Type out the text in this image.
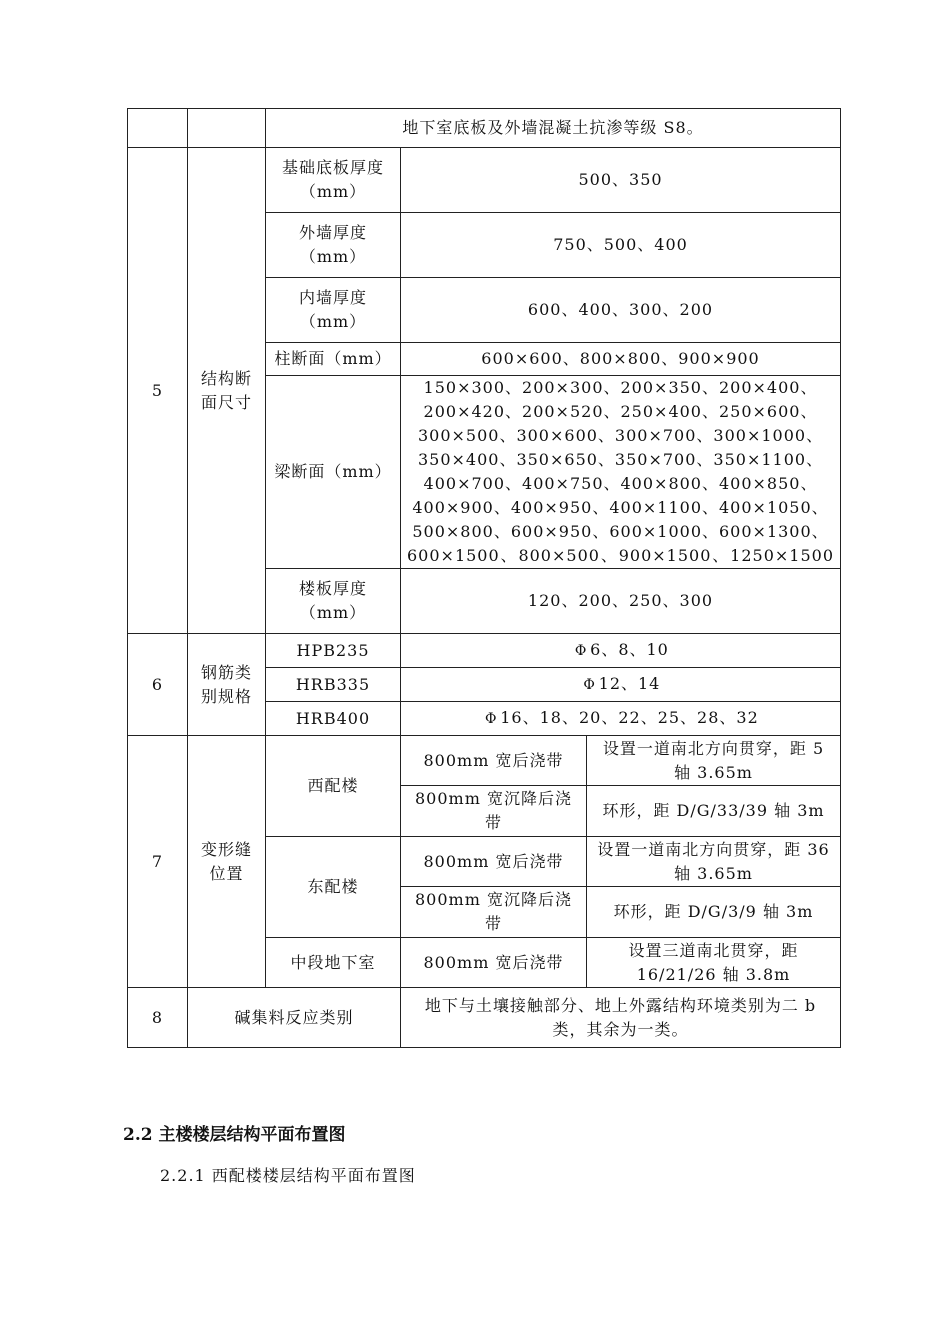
		地下室底板及外墙混凝土抗渗等级 S8。		
5	结构断面尺寸	基础底板厚度（mm）	500、350	
		外墙厚度（mm）	750、500、400	
		内墙厚度（mm）	600、400、300、200	
		柱断面（mm）	600×600、800×800、900×900	
		梁断面（mm）	150×300、200×300、200×350、200×400、200×420、200×520、250×400、250×600、300×500、300×600、300×700、300×1000、350×400、350×650、350×700、350×1100、400×700、400×750、400×800、400×850、400×900、400×950、400×1100、400×1050、500×800、600×950、600×1000、600×1300、600×1500、800×500、900×1500、1250×1500	
		楼板厚度（mm）	120、200、250、300	
6	钢筋类别规格	HPB235	Φ 6、8、10	
		HRB335	Φ 12、14	
		HRB400	Φ 16、18、20、22、25、28、32	
7	变形缝位置	西配楼	800mm 宽后浇带	设置一道南北方向贯穿，距 5 轴 3.65m
			800mm 宽沉降后浇带	环形，距 D/G/33/39 轴 3m
		东配楼	800mm 宽后浇带	设置一道南北方向贯穿，距 36 轴 3.65m
			800mm 宽沉降后浇带	环形，距 D/G/3/9 轴 3m
		中段地下室	800mm 宽后浇带	设置三道南北贯穿，距 16/21/26 轴 3.8m
8	碱集料反应类别		地下与土壤接触部分、地上外露结构环境类别为二 b 类，其余为一类。	
2.2 主楼楼层结构平面布置图
2.2.1 西配楼楼层结构平面布置图
